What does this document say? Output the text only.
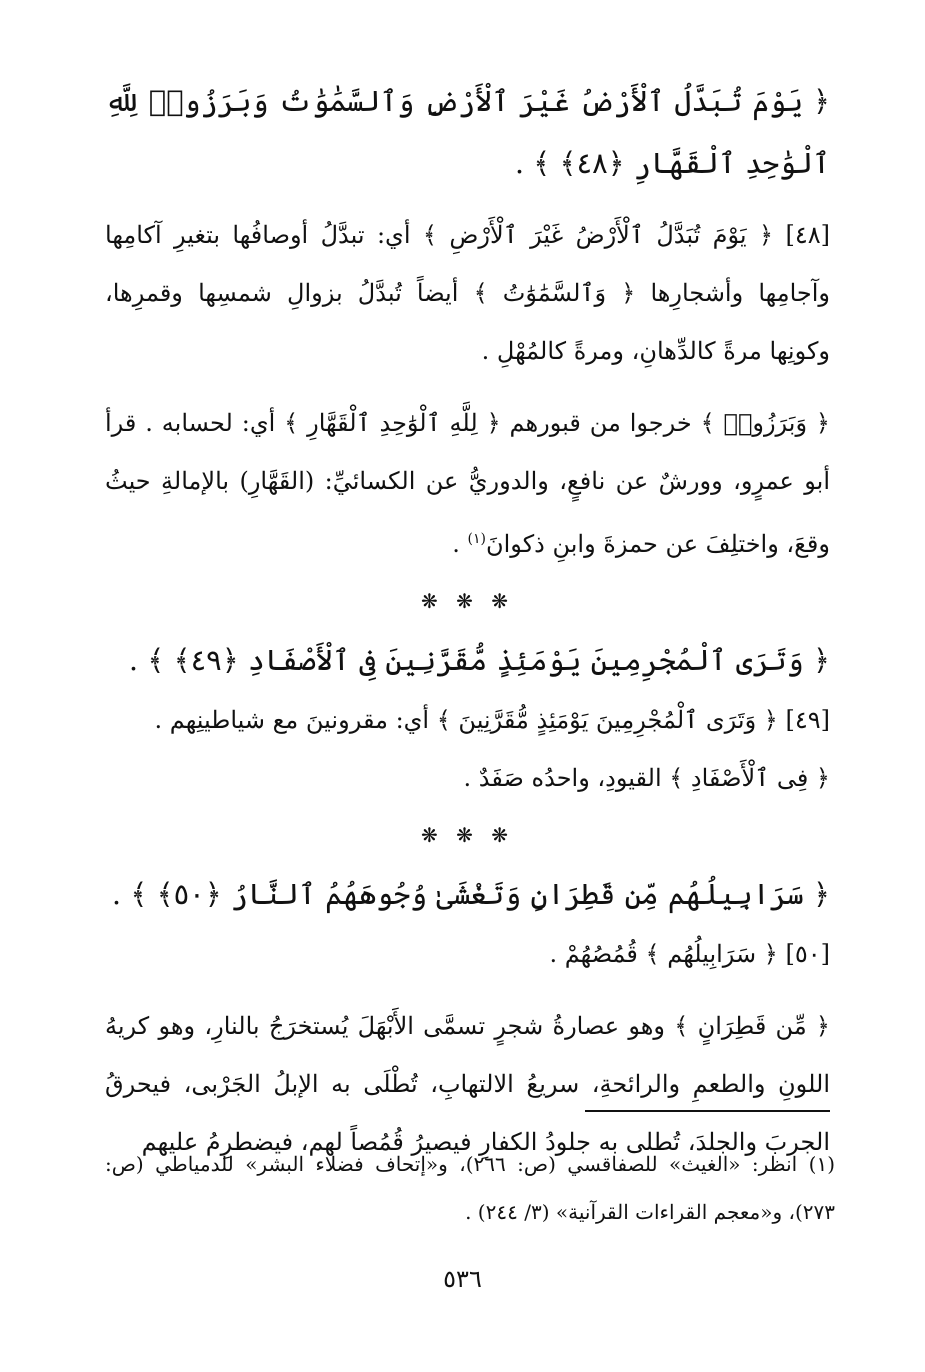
﴿ يَوْمَ تُبَدَّلُ ٱلْأَرْضُ غَيْرَ ٱلْأَرْضِ وَٱلسَّمَٰوَٰتُ وَبَرَزُوا۟ لِلَّهِ ٱلْوَٰحِدِ ٱلْقَهَّارِ ﴿٤٨﴾ ﴾ .

[٤٨] ﴿ يَوْمَ تُبَدَّلُ ٱلْأَرْضُ غَيْرَ ٱلْأَرْضِ ﴾ أي: تبدَّلُ أوصافُها بتغيرِ آكامِها وآجامِها وأشجارِها ﴿ وَٱلسَّمَٰوَٰتُ ﴾ أيضاً تُبدَّلُ بزوالِ شمسِها وقمرِها، وكونِها مرةً كالدِّهانِ، ومرةً كالمُهْلِ .

﴿ وَبَرَزُوا۟ ﴾ خرجوا من قبورهم ﴿ لِلَّهِ ٱلْوَٰحِدِ ٱلْقَهَّارِ ﴾ أي: لحسابه . قرأ أبو عمرٍو، وورشٌ عن نافعٍ، والدوريُّ عن الكسائيِّ: (القَهَّارِ) بالإمالةِ حيثُ وقعَ، واختلِفَ عن حمزةَ وابنِ ذكوانَ$^{(١)}$ .

❋ ❋ ❋

﴿ وَتَرَى ٱلْمُجْرِمِينَ يَوْمَئِذٍ مُّقَرَّنِينَ فِى ٱلْأَصْفَادِ ﴿٤٩﴾ ﴾ .

[٤٩] ﴿ وَتَرَى ٱلْمُجْرِمِينَ يَوْمَئِذٍ مُّقَرَّنِينَ ﴾ أي: مقرونينَ مع شياطينِهم .

﴿ فِى ٱلْأَصْفَادِ ﴾ القيودِ، واحدُه صَفَدٌ .

❋ ❋ ❋

﴿ سَرَابِيلُهُم مِّن قَطِرَانٍ وَتَغْشَىٰ وُجُوهَهُمُ ٱلنَّارُ ﴿٥٠﴾ ﴾ .

[٥٠] ﴿ سَرَابِيلُهُم ﴾ قُمُصُهُمْ .

﴿ مِّن قَطِرَانٍ ﴾ وهو عصارةُ شجرٍ تسمَّى الأَبْهَلَ يُستخرَجُ بالنارِ، وهو كريهُ اللونِ والطعمِ والرائحةِ، سريعُ الالتهابِ، تُطْلَى به الإبلُ الجَرْبى، فيحرقُ الجربَ والجلدَ، تُطلى به جلودُ الكفارِ فيصيرُ قُمُصاً لهم، فيضطرِمُ عليهم

(١) انظر: «الغيث» للصفاقسي (ص: ٢٦٦)، و«إتحاف فضلاء البشر» للدمياطي (ص: ٢٧٣)، و«معجم القراءات القرآنية» (٣/ ٢٤٤) .

٥٣٦
